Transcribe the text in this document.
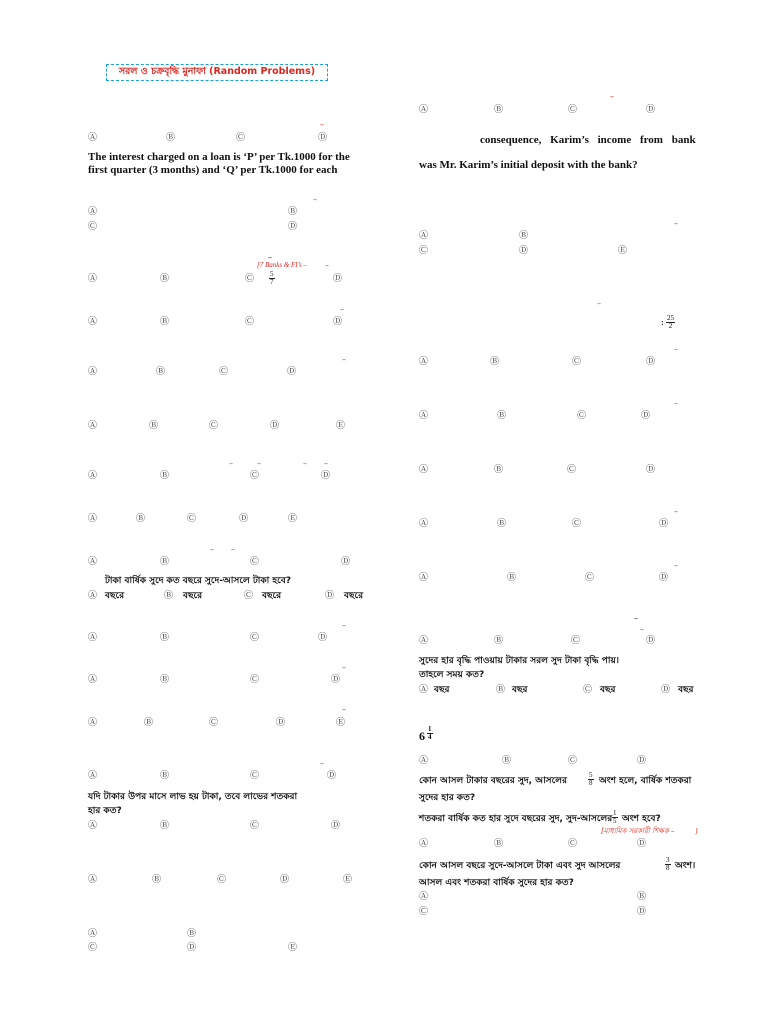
সরল ও চক্রবৃদ্ধি মুনাফা (Random Problems)
–
Ⓐ	Ⓑ	Ⓒ	Ⓓ
The interest charged on a loan is ‘P’ per Tk.1000 for the
first quarter (3 months) and ‘Q’ per Tk.1000 for each
–
Ⓐ	Ⓑ
Ⓒ	Ⓓ
–
[7 Banks & FI’s – –
Ⓐ	Ⓑ	Ⓒ $\frac{5}{7}$	Ⓓ
–
Ⓐ	Ⓑ	Ⓒ	Ⓓ
–
Ⓐ	Ⓑ	Ⓒ	Ⓓ
Ⓐ	Ⓑ	Ⓒ	Ⓓ	Ⓔ
–	–	– –
Ⓐ	Ⓑ	Ⓒ	Ⓓ
Ⓐ	Ⓑ	Ⓒ	Ⓓ	Ⓔ
– –
Ⓐ	Ⓑ	Ⓒ	Ⓓ
টাকা বার্ষিক সুদে কত বছরে সুদে-আসলে টাকা হবে?
Ⓐ বছরে	Ⓑ বছরে	Ⓒ বছরে	Ⓓ বছরে
–
Ⓐ	Ⓑ	Ⓒ	Ⓓ
–
Ⓐ	Ⓑ	Ⓒ	Ⓓ
–
Ⓐ	Ⓑ	Ⓒ	Ⓓ	Ⓔ
–
Ⓐ	Ⓑ	Ⓒ	Ⓓ
যদি টাকার উপর মাসে লাভ হয় টাকা, তবে লাভের শতকরা
হার কত?
Ⓐ	Ⓑ	Ⓒ	Ⓓ
Ⓐ	Ⓑ	Ⓒ	Ⓓ	Ⓔ
Ⓐ	Ⓑ
Ⓒ	Ⓓ	Ⓔ
–
Ⓐ	Ⓑ	Ⓒ	Ⓓ
consequence, Karim’s income from bank
was Mr. Karim’s initial deposit with the bank?
–
Ⓐ	Ⓑ
Ⓒ	Ⓓ	Ⓔ
–
: $\frac{25}{2}$
–
Ⓐ	Ⓑ	Ⓒ	Ⓓ
–
Ⓐ	Ⓑ	Ⓒ	Ⓓ
Ⓐ	Ⓑ	Ⓒ	Ⓓ
–
Ⓐ	Ⓑ	Ⓒ	Ⓓ
–
Ⓐ	Ⓑ	Ⓒ	Ⓓ
–
–
Ⓐ	Ⓑ	Ⓒ	Ⓓ
সুদের হার বৃদ্ধি পাওয়ায় টাকার সরল সুদ টাকা বৃদ্ধি পায়।
তাহলে সময় কত?
Ⓐ বছর	Ⓑ বছর	Ⓒ বছর	Ⓓ বছর
$6 \frac{1}{4}$
Ⓐ	Ⓑ	Ⓒ	Ⓓ
কোন আসল টাকার বছরের সুদ, আসলের	$\frac{5}{8}$ অংশ হলে, বার্ষিক শতকরা
সুদের হার কত?
শতকরা বার্ষিক কত হার সুদে বছরের সুদ, সুদ-আসলের $\frac{1}{5}$ অংশ হবে?
[মাধ্যমিক সরকারী শিক্ষক –	]
Ⓐ	Ⓑ	Ⓒ	Ⓓ
কোন আসল বছরে সুদে-আসলে টাকা এবং সুদ আসলের	$\frac{3}{8}$ অংশ।
আসল এবং শতকরা বার্ষিক সুদের হার কত?
Ⓐ	Ⓑ
Ⓒ	Ⓓ
